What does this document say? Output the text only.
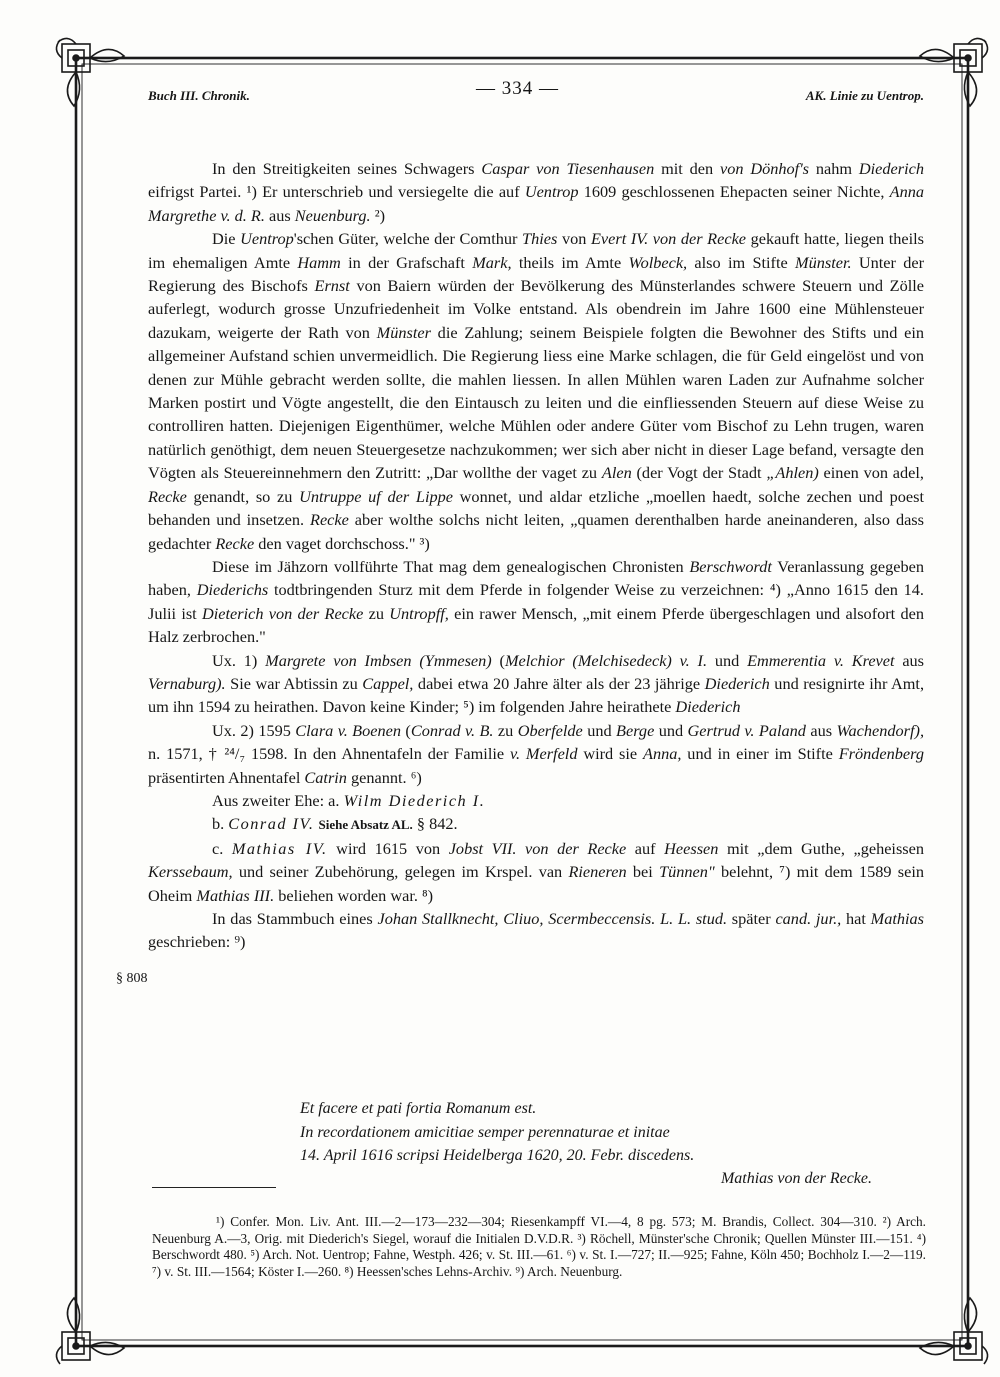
Buch III. Chronik.	— 334 —	AK. Linie zu Uentrop.

In den Streitigkeiten seines Schwagers Caspar von Tiesenhausen mit den von Dönhof's nahm Diederich eifrigst Partei. ¹) Er unterschrieb und versiegelte die auf Uentrop 1609 geschlossenen Ehepacten seiner Nichte, Anna Margrethe v. d. R. aus Neuenburg. ²)

Die Uentrop'schen Güter, welche der Comthur Thies von Evert IV. von der Recke gekauft hatte, liegen theils im ehemaligen Amte Hamm in der Grafschaft Mark, theils im Amte Wolbeck, also im Stifte Münster. Unter der Regierung des Bischofs Ernst von Baiern würden der Bevölkerung des Münsterlandes schwere Steuern und Zölle auferlegt, wodurch grosse Unzufriedenheit im Volke entstand. Als obendrein im Jahre 1600 eine Mühlensteuer dazukam, weigerte der Rath von Münster die Zahlung; seinem Beispiele folgten die Bewohner des Stifts und ein allgemeiner Aufstand schien unvermeidlich. Die Regierung liess eine Marke schlagen, die für Geld eingelöst und von denen zur Mühle gebracht werden sollte, die mahlen liessen. In allen Mühlen waren Laden zur Aufnahme solcher Marken postirt und Vögte angestellt, die den Eintausch zu leiten und die einfliessenden Steuern auf diese Weise zu controlliren hatten. Diejenigen Eigenthümer, welche Mühlen oder andere Güter vom Bischof zu Lehn trugen, waren natürlich genöthigt, dem neuen Steuergesetze nachzukommen; wer sich aber nicht in dieser Lage befand, versagte den Vögten als Steuereinnehmern den Zutritt: „Dar wollthe der vaget zu Alen (der Vogt der Stadt „Ahlen) einen von adel, Recke genandt, so zu Untruppe uf der Lippe wonnet, und aldar etzliche „moellen haedt, solche zechen und poest behanden und insetzen. Recke aber wolthe solchs nicht leiten, „quamen derenthalben harde aneinanderen, also dass gedachter Recke den vaget dorchschoss." ³)

Diese im Jähzorn vollführte That mag dem genealogischen Chronisten Berschwordt Veranlassung gegeben haben, Diederichs todtbringenden Sturz mit dem Pferde in folgender Weise zu verzeichnen: ⁴) „Anno 1615 den 14. Julii ist Dieterich von der Recke zu Untropff, ein rawer Mensch, „mit einem Pferde übergeschlagen und alsofort den Halz zerbrochen."

Ux. 1) Margrete von Imbsen (Ymmesen) (Melchior (Melchisedeck) v. I. und Emmerentia v. Krevet aus Vernaburg). Sie war Abtissin zu Cappel, dabei etwa 20 Jahre älter als der 23 jährige Diederich und resignirte ihr Amt, um ihn 1594 zu heirathen. Davon keine Kinder; ⁵) im folgenden Jahre heirathete Diederich

Ux. 2) 1595 Clara v. Boenen (Conrad v. B. zu Oberfelde und Berge und Gertrud v. Paland aus Wachendorf), n. 1571, † ²⁴/₇ 1598. In den Ahnentafeln der Familie v. Merfeld wird sie Anna, und in einer im Stifte Fröndenberg präsentirten Ahnentafel Catrin genannt. ⁶)

Aus zweiter Ehe: a. Wilm Diederich I.

b. Conrad IV. Siehe Absatz AL. § 842.

c. Mathias IV. wird 1615 von Jobst VII. von der Recke auf Heessen mit „dem Guthe, „geheissen Kerssebaum, und seiner Zubehörung, gelegen im Krspel. van Rieneren bei Tünnen" belehnt, ⁷) mit dem 1589 sein Oheim Mathias III. beliehen worden war. ⁸)

In das Stammbuch eines Johan Stallknecht, Cliuo, Scermbeccensis. L. L. stud. später cand. jur., hat Mathias geschrieben: ⁹)

§ 808
Et facere et pati fortia Romanum est.
In recordationem amicitiae semper perennaturae et initae
14. April 1616 scripsi Heidelberga 1620, 20. Febr. discedens.
Mathias von der Recke.

¹) Confer. Mon. Liv. Ant. III.—2—173—232—304; Riesenkampff VI.—4, 8 pg. 573; M. Brandis, Collect. 304—310. ²) Arch. Neuenburg A.—3, Orig. mit Diederich's Siegel, worauf die Initialen D.V.D.R. ³) Röchell, Münster'sche Chronik; Quellen Münster III.—151. ⁴) Berschwordt 480. ⁵) Arch. Not. Uentrop; Fahne, Westph. 426; v. St. III.—61. ⁶) v. St. I.—727; II.—925; Fahne, Köln 450; Bochholz I.—2—119. ⁷) v. St. III.—1564; Köster I.—260. ⁸) Heessen'sches Lehns-Archiv. ⁹) Arch. Neuenburg.
